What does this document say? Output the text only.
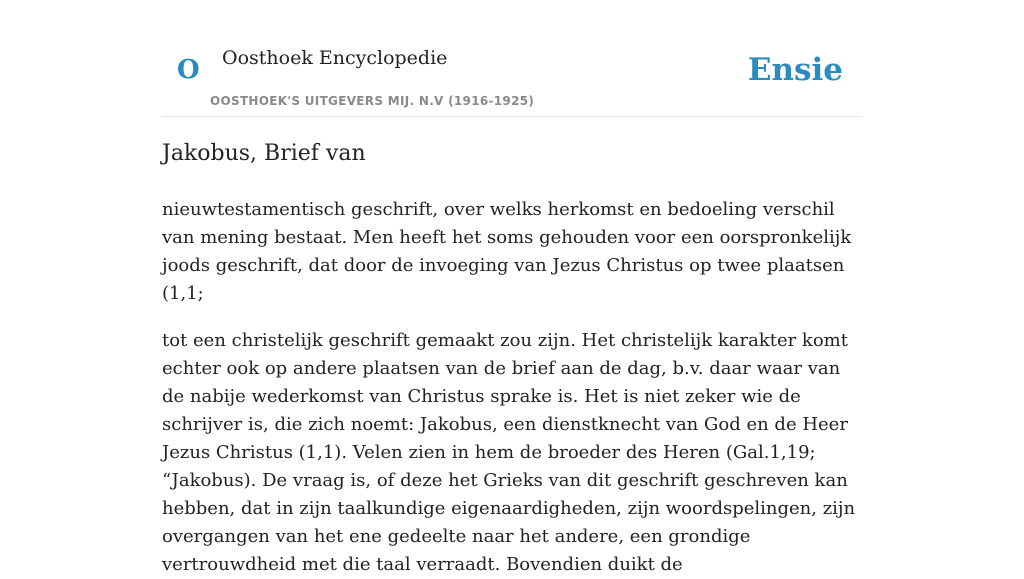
O Oosthoek Encyclopedie
OOSTHOEK'S UITGEVERS MIJ. N.V (1916-1925)
Ensie
Jakobus, Brief van

nieuwtestamentisch geschrift, over welks herkomst en bedoeling verschil van mening bestaat. Men heeft het soms gehouden voor een oorspronkelijk joods geschrift, dat door de invoeging van Jezus Christus op twee plaatsen (1,1;

tot een christelijk geschrift gemaakt zou zijn. Het christelijk karakter komt echter ook op andere plaatsen van de brief aan de dag, b.v. daar waar van de nabije wederkomst van Christus sprake is. Het is niet zeker wie de schrijver is, die zich noemt: Jakobus, een dienstknecht van God en de Heer Jezus Christus (1,1). Velen zien in hem de broeder des Heren (Gal.1,19; “Jakobus). De vraag is, of deze het Grieks van dit geschrift geschreven kan hebben, dat in zijn taalkundige eigenaardigheden, zijn woordspelingen, zijn overgangen van het ene gedeelte naar het andere, een grondige vertrouwdheid met die taal verraadt. Bovendien duikt de
